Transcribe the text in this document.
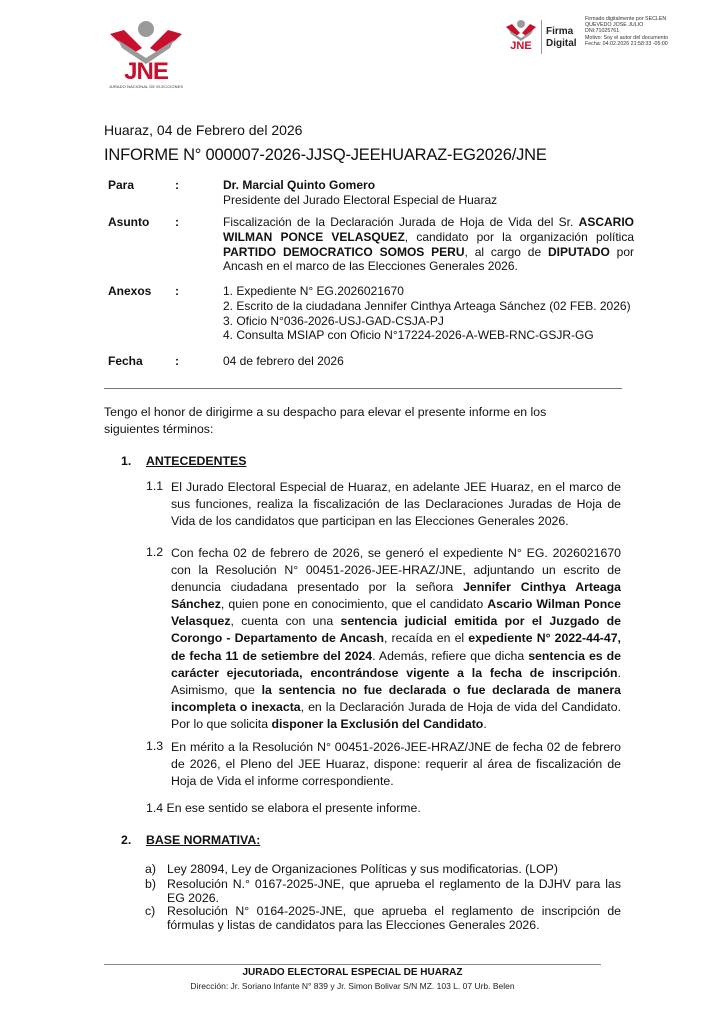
JNE
JURADO NACIONAL DE ELECCIONES
JNE
Firma
Digital
Firmado digitalmente por SECLEN
QUEVEDO JOSE JULIO
DNI:71025761
Motivo: Soy el autor del documento
Fecha: 04.02.2026 21:58:33 -05:00
Huaraz, 04 de Febrero del 2026
INFORME N° 000007-2026-JJSQ-JEEHUARAZ-EG2026/JNE
Para	:	Dr. Marcial Quinto Gomero
Presidente del Jurado Electoral Especial de Huaraz
Asunto :	Fiscalización de la Declaración Jurada de Hoja de Vida del Sr. ASCARIO WILMAN PONCE VELASQUEZ, candidato por la organización política PARTIDO DEMOCRATICO SOMOS PERU, al cargo de DIPUTADO por Ancash en el marco de las Elecciones Generales 2026.
Anexos :	1. Expediente N° EG.2026021670
2. Escrito de la ciudadana Jennifer Cinthya Arteaga Sánchez (02 FEB. 2026)
3. Oficio N°036-2026-USJ-GAD-CSJA-PJ
4. Consulta MSIAP con Oficio N°17224-2026-A-WEB-RNC-GSJR-GG
Fecha	:	04 de febrero del 2026
Tengo el honor de dirigirme a su despacho para elevar el presente informe en los siguientes términos:
1. ANTECEDENTES
1.1 El Jurado Electoral Especial de Huaraz, en adelante JEE Huaraz, en el marco de sus funciones, realiza la fiscalización de las Declaraciones Juradas de Hoja de Vida de los candidatos que participan en las Elecciones Generales 2026.
1.2 Con fecha 02 de febrero de 2026, se generó el expediente N° EG. 2026021670 con la Resolución N° 00451-2026-JEE-HRAZ/JNE, adjuntando un escrito de denuncia ciudadana presentado por la señora Jennifer Cinthya Arteaga Sánchez, quien pone en conocimiento, que el candidato Ascario Wilman Ponce Velasquez, cuenta con una sentencia judicial emitida por el Juzgado de Corongo - Departamento de Ancash, recaída en el expediente N° 2022-44-47, de fecha 11 de setiembre del 2024. Además, refiere que dicha sentencia es de carácter ejecutoriada, encontrándose vigente a la fecha de inscripción. Asimismo, que la sentencia no fue declarada o fue declarada de manera incompleta o inexacta, en la Declaración Jurada de Hoja de vida del Candidato. Por lo que solicita disponer la Exclusión del Candidato.
1.3 En mérito a la Resolución N° 00451-2026-JEE-HRAZ/JNE de fecha 02 de febrero de 2026, el Pleno del JEE Huaraz, dispone: requerir al área de fiscalización de Hoja de Vida el informe correspondiente.
1.4 En ese sentido se elabora el presente informe.
2. BASE NORMATIVA:
a) Ley 28094, Ley de Organizaciones Políticas y sus modificatorias. (LOP)
b) Resolución N.° 0167-2025-JNE, que aprueba el reglamento de la DJHV para las EG 2026.
c) Resolución N° 0164-2025-JNE, que aprueba el reglamento de inscripción de fórmulas y listas de candidatos para las Elecciones Generales 2026.
JURADO ELECTORAL ESPECIAL DE HUARAZ
Dirección: Jr. Soriano Infante N° 839 y Jr. Simon Bolivar S/N MZ. 103 L. 07 Urb. Belen
